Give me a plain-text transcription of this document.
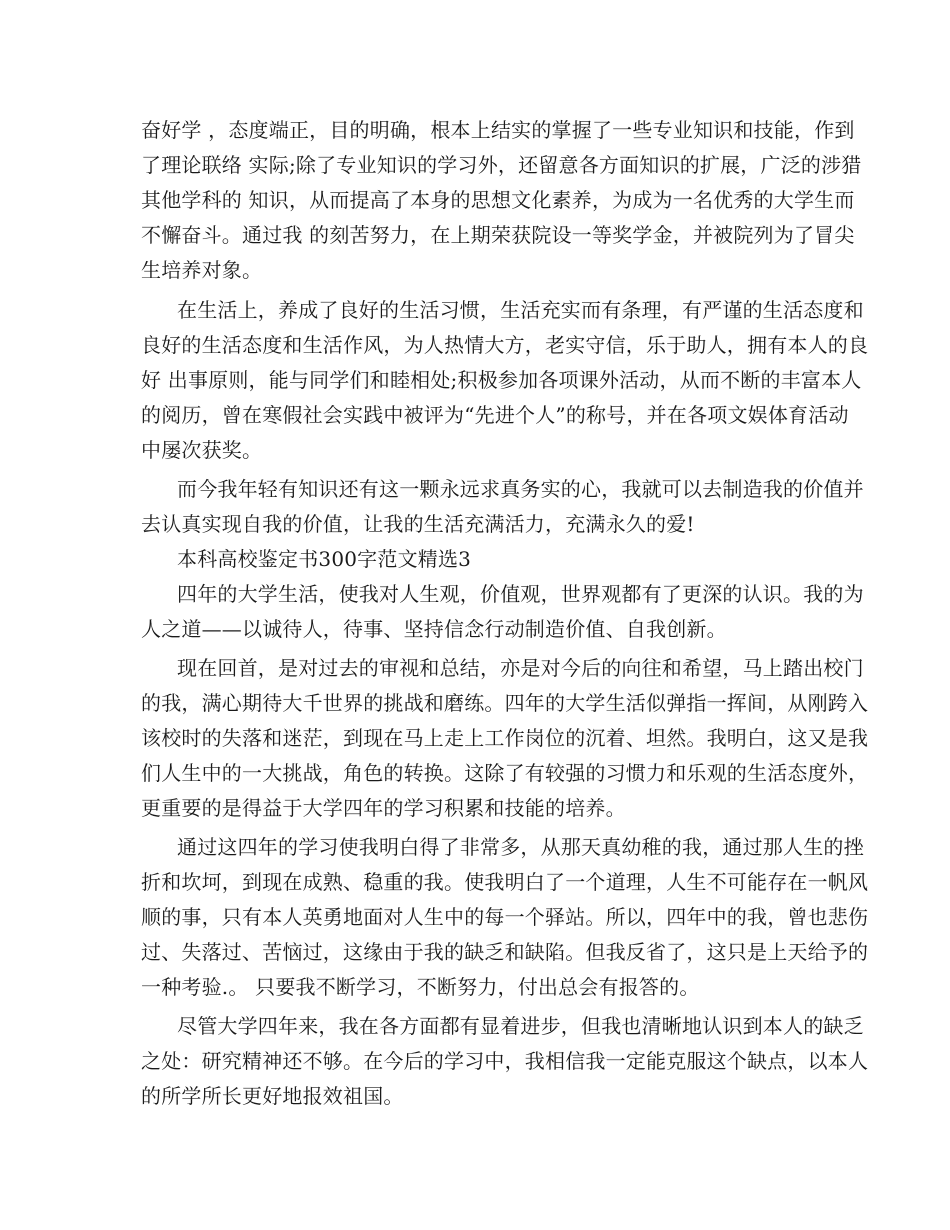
奋好学 ，态度端正，目的明确，根本上结实的掌握了一些专业知识和技能，作到
了理论联络 实际;除了专业知识的学习外，还留意各方面知识的扩展，广泛的涉猎
其他学科的 知识，从而提高了本身的思想文化素养，为成为一名优秀的大学生而
不懈奋斗。通过我 的刻苦努力，在上期荣获院设一等奖学金，并被院列为了冒尖
生培养对象。
在生活上，养成了良好的生活习惯，生活充实而有条理，有严谨的生活态度和
良好的生活态度和生活作风，为人热情大方，老实守信，乐于助人，拥有本人的良
好 出事原则，能与同学们和睦相处;积极参加各项课外活动，从而不断的丰富本人
的阅历，曾在寒假社会实践中被评为“先进个人”的称号，并在各项文娱体育活动
中屡次获奖。
而今我年轻有知识还有这一颗永远求真务实的心，我就可以去制造我的价值并
去认真实现自我的价值，让我的生活充满活力，充满永久的爱!
本科高校鉴定书300字范文精选3
四年的大学生活，使我对人生观，价值观，世界观都有了更深的认识。我的为
人之道——以诚待人，待事、坚持信念行动制造价值、自我创新。
现在回首，是对过去的审视和总结，亦是对今后的向往和希望，马上踏出校门
的我，满心期待大千世界的挑战和磨练。四年的大学生活似弹指一挥间，从刚跨入
该校时的失落和迷茫，到现在马上走上工作岗位的沉着、坦然。我明白，这又是我
们人生中的一大挑战，角色的转换。这除了有较强的习惯力和乐观的生活态度外，
更重要的是得益于大学四年的学习积累和技能的培养。
通过这四年的学习使我明白得了非常多，从那天真幼稚的我，通过那人生的挫
折和坎坷，到现在成熟、稳重的我。使我明白了一个道理，人生不可能存在一帆风
顺的事，只有本人英勇地面对人生中的每一个驿站。所以，四年中的我，曾也悲伤
过、失落过、苦恼过，这缘由于我的缺乏和缺陷。但我反省了，这只是上天给予的
一种考验.。 只要我不断学习，不断努力，付出总会有报答的。
尽管大学四年来，我在各方面都有显着进步，但我也清晰地认识到本人的缺乏
之处：研究精神还不够。在今后的学习中，我相信我一定能克服这个缺点，以本人
的所学所长更好地报效祖国。
